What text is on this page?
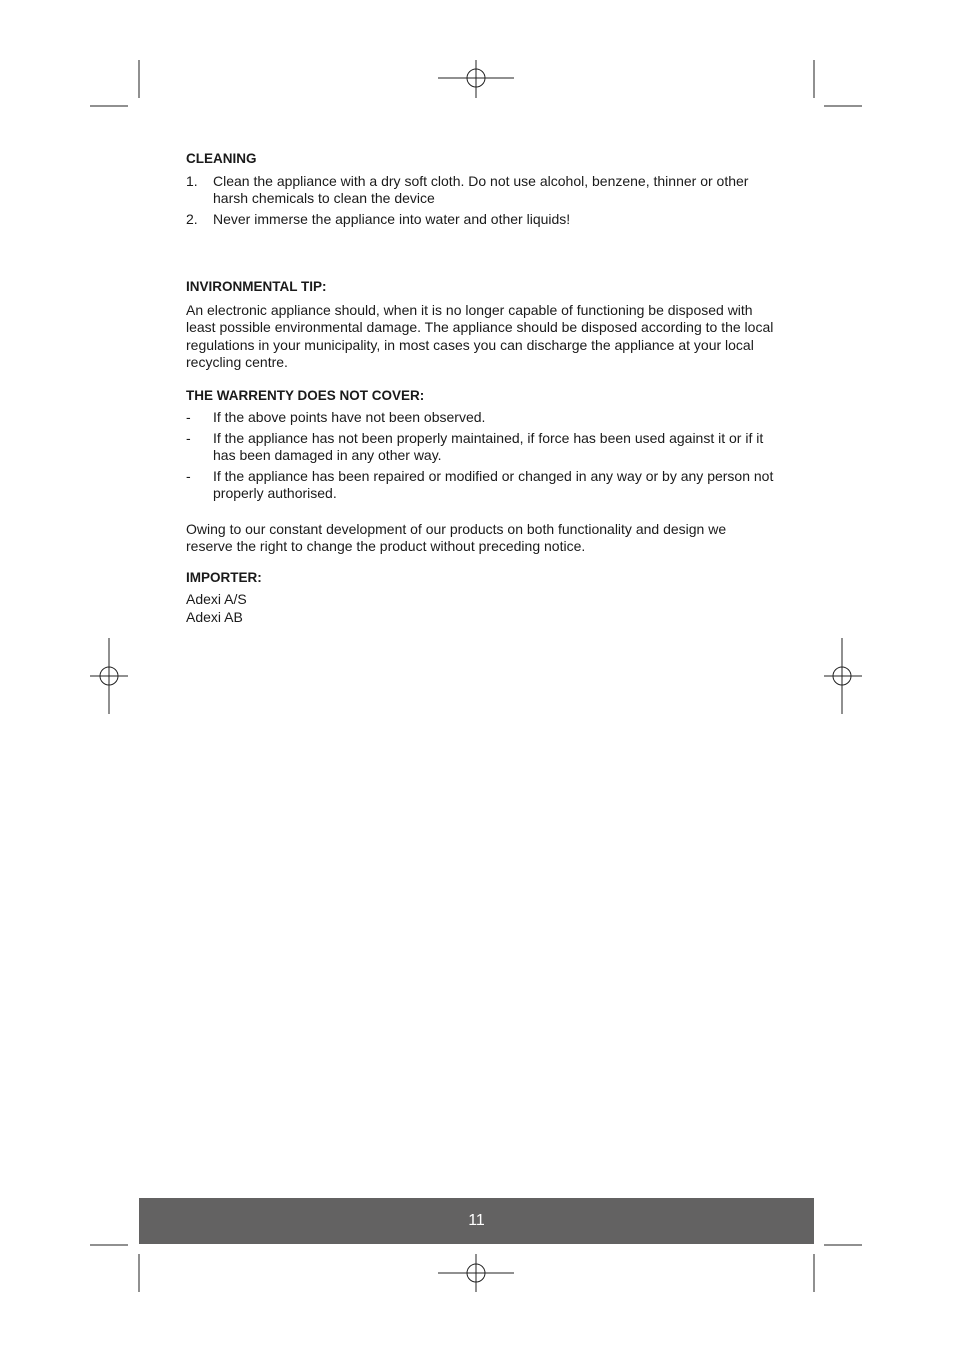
CLEANING
1. Clean the appliance with a dry soft cloth. Do not use alcohol, benzene, thinner or other harsh chemicals to clean the device
2. Never immerse the appliance into water and other liquids!
INVIRONMENTAL TIP:

An electronic appliance should, when it is no longer capable of functioning be disposed with least possible environmental damage. The appliance should be disposed according to the local regulations in your municipality, in most cases you can discharge the appliance at your local recycling centre.

THE WARRENTY DOES NOT COVER:
- If the above points have not been observed.
- If the appliance has not been properly maintained, if force has been used against it or if it has been damaged in any other way.
- If the appliance has been repaired or modified or changed in any way or by any person not properly authorised.

Owing to our constant development of our products on both functionality and design we reserve the right to change the product without preceding notice.

IMPORTER:
Adexi A/S
Adexi AB
11
